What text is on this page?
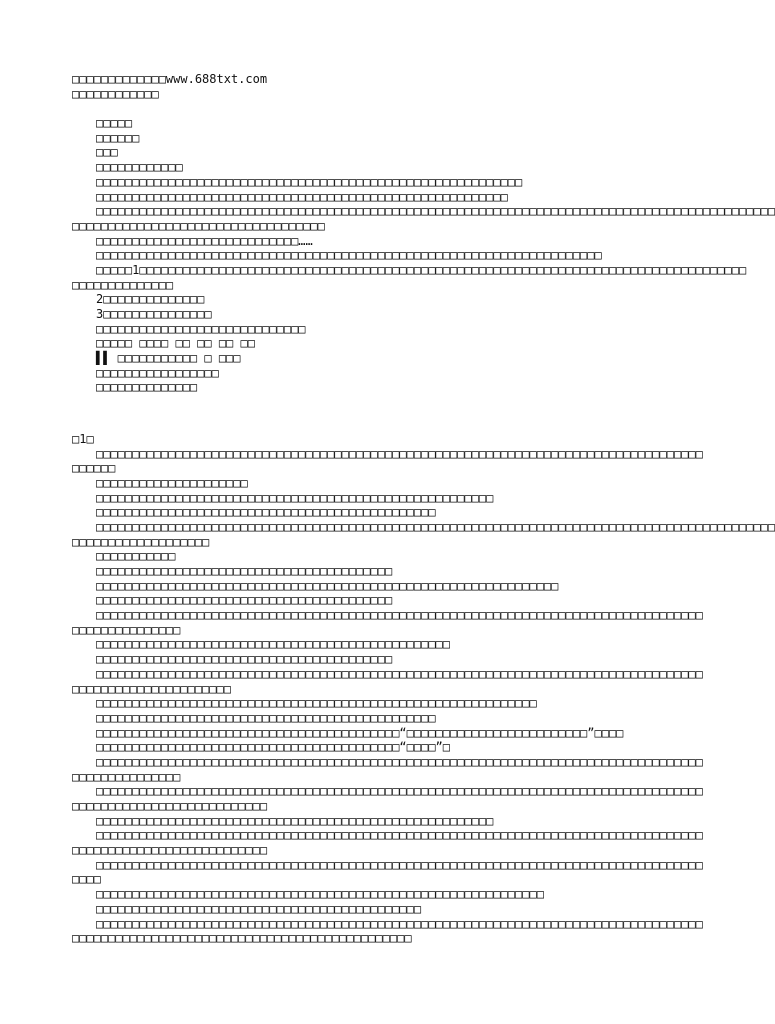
□□□□□□□□□□□□□www.688txt.com
□□□□□□□□□□□□
□□□□□
□□□□□□
□□□
□□□□□□□□□□□□
□□□□□□□□□□□□□□□□□□□□□□□□□□□□□□□□□□□□□□□□□□□□□□□□□□□□□□□□□□□
□□□□□□□□□□□□□□□□□□□□□□□□□□□□□□□□□□□□□□□□□□□□□□□□□□□□□□□□□
□□□□□□□□□□□□□□□□□□□□□□□□□□□□□□□□□□□□□□□□□□□□□□□□□□□□□□□□□□□□□□□□□□□□□□□□□□□□□□□□□□□□□□□□□□□□□□
□□□□□□□□□□□□□□□□□□□□□□□□□□□□□□□□□□□
□□□□□□□□□□□□□□□□□□□□□□□□□□□□……
□□□□□□□□□□□□□□□□□□□□□□□□□□□□□□□□□□□□□□□□□□□□□□□□□□□□□□□□□□□□□□□□□□□□□□
□□□□□1□□□□□□□□□□□□□□□□□□□□□□□□□□□□□□□□□□□□□□□□□□□□□□□□□□□□□□□□□□□□□□□□□□□□□□□□□□□□□□□□□□□□
□□□□□□□□□□□□□□
2□□□□□□□□□□□□□□
3□□□□□□□□□□□□□□□
□□□□□□□□□□□□□□□□□□□□□□□□□□□□□
□□□□□ □□□□ □□ □□ □□ □□
▌▌ □□□□□□□□□□□ □ □□□
□□□□□□□□□□□□□□□□□
□□□□□□□□□□□□□□
□1□
□□□□□□□□□□□□□□□□□□□□□□□□□□□□□□□□□□□□□□□□□□□□□□□□□□□□□□□□□□□□□□□□□□□□□□□□□□□□□□□□□□□□
□□□□□□
□□□□□□□□□□□□□□□□□□□□□
□□□□□□□□□□□□□□□□□□□□□□□□□□□□□□□□□□□□□□□□□□□□□□□□□□□□□□□
□□□□□□□□□□□□□□□□□□□□□□□□□□□□□□□□□□□□□□□□□□□□□□□
□□□□□□□□□□□□□□□□□□□□□□□□□□□□□□□□□□□□□□□□□□□□□□□□□□□□□□□□□□□□□□□□□□□□□□□□□□□□□□□□□□□□□□□□□□□□□□
□□□□□□□□□□□□□□□□□□□
□□□□□□□□□□□
□□□□□□□□□□□□□□□□□□□□□□□□□□□□□□□□□□□□□□□□□
□□□□□□□□□□□□□□□□□□□□□□□□□□□□□□□□□□□□□□□□□□□□□□□□□□□□□□□□□□□□□□□□
□□□□□□□□□□□□□□□□□□□□□□□□□□□□□□□□□□□□□□□□□
□□□□□□□□□□□□□□□□□□□□□□□□□□□□□□□□□□□□□□□□□□□□□□□□□□□□□□□□□□□□□□□□□□□□□□□□□□□□□□□□□□□□
□□□□□□□□□□□□□□□
□□□□□□□□□□□□□□□□□□□□□□□□□□□□□□□□□□□□□□□□□□□□□□□□□
□□□□□□□□□□□□□□□□□□□□□□□□□□□□□□□□□□□□□□□□□
□□□□□□□□□□□□□□□□□□□□□□□□□□□□□□□□□□□□□□□□□□□□□□□□□□□□□□□□□□□□□□□□□□□□□□□□□□□□□□□□□□□□
□□□□□□□□□□□□□□□□□□□□□□
□□□□□□□□□□□□□□□□□□□□□□□□□□□□□□□□□□□□□□□□□□□□□□□□□□□□□□□□□□□□□
□□□□□□□□□□□□□□□□□□□□□□□□□□□□□□□□□□□□□□□□□□□□□□□
□□□□□□□□□□□□□□□□□□□□□□□□□□□□□□□□□□□□□□□□□□“□□□□□□□□□□□□□□□□□□□□□□□□□”□□□□
□□□□□□□□□□□□□□□□□□□□□□□□□□□□□□□□□□□□□□□□□□“□□□□”□
□□□□□□□□□□□□□□□□□□□□□□□□□□□□□□□□□□□□□□□□□□□□□□□□□□□□□□□□□□□□□□□□□□□□□□□□□□□□□□□□□□□□
□□□□□□□□□□□□□□□
□□□□□□□□□□□□□□□□□□□□□□□□□□□□□□□□□□□□□□□□□□□□□□□□□□□□□□□□□□□□□□□□□□□□□□□□□□□□□□□□□□□□
□□□□□□□□□□□□□□□□□□□□□□□□□□□
□□□□□□□□□□□□□□□□□□□□□□□□□□□□□□□□□□□□□□□□□□□□□□□□□□□□□□□
□□□□□□□□□□□□□□□□□□□□□□□□□□□□□□□□□□□□□□□□□□□□□□□□□□□□□□□□□□□□□□□□□□□□□□□□□□□□□□□□□□□□
□□□□□□□□□□□□□□□□□□□□□□□□□□□
□□□□□□□□□□□□□□□□□□□□□□□□□□□□□□□□□□□□□□□□□□□□□□□□□□□□□□□□□□□□□□□□□□□□□□□□□□□□□□□□□□□□
□□□□
□□□□□□□□□□□□□□□□□□□□□□□□□□□□□□□□□□□□□□□□□□□□□□□□□□□□□□□□□□□□□□
□□□□□□□□□□□□□□□□□□□□□□□□□□□□□□□□□□□□□□□□□□□□□
□□□□□□□□□□□□□□□□□□□□□□□□□□□□□□□□□□□□□□□□□□□□□□□□□□□□□□□□□□□□□□□□□□□□□□□□□□□□□□□□□□□□
□□□□□□□□□□□□□□□□□□□□□□□□□□□□□□□□□□□□□□□□□□□□□□□
